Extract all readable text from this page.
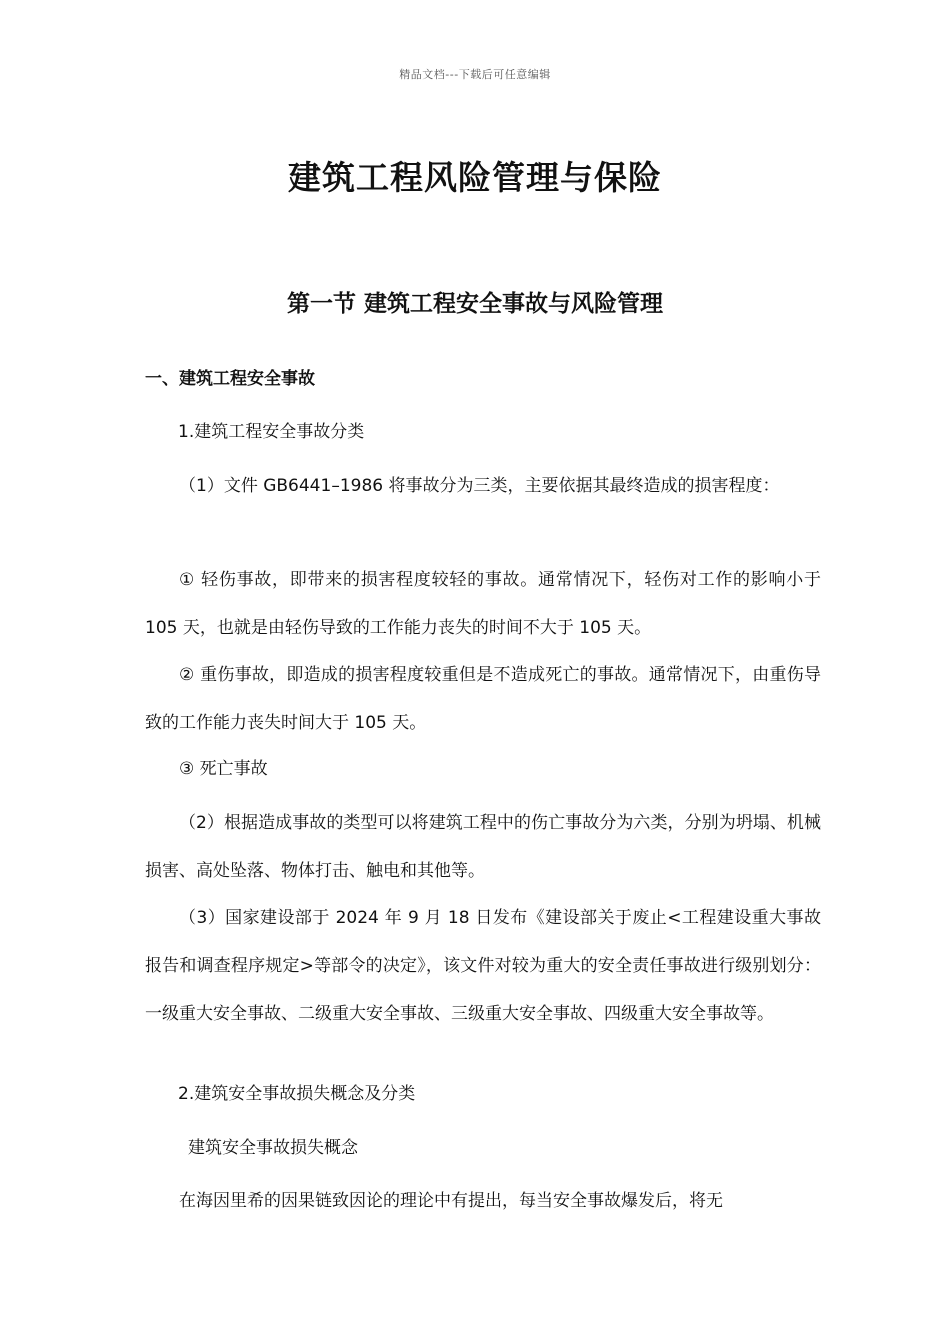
精品文档---下载后可任意编辑
建筑工程风险管理与保险
第一节 建筑工程安全事故与风险管理

一、建筑工程安全事故

1.建筑工程安全事故分类

（1）文件 GB6441–1986 将事故分为三类，主要依据其最终造成的损害程度：

① 轻伤事故，即带来的损害程度较轻的事故。通常情况下，轻伤对工作的影响小于 105 天，也就是由轻伤导致的工作能力丧失的时间不大于 105 天。

② 重伤事故，即造成的损害程度较重但是不造成死亡的事故。通常情况下，由重伤导致的工作能力丧失时间大于 105 天。

③ 死亡事故

（2）根据造成事故的类型可以将建筑工程中的伤亡事故分为六类，分别为坍塌、机械损害、高处坠落、物体打击、触电和其他等。

（3）国家建设部于 2024 年 9 月 18 日发布《建设部关于废止<工程建设重大事故报告和调查程序规定>等部令的决定》，该文件对较为重大的安全责任事故进行级别划分：一级重大安全事故、二级重大安全事故、三级重大安全事故、四级重大安全事故等。

2.建筑安全事故损失概念及分类

建筑安全事故损失概念

在海因里希的因果链致因论的理论中有提出，每当安全事故爆发后，将无
